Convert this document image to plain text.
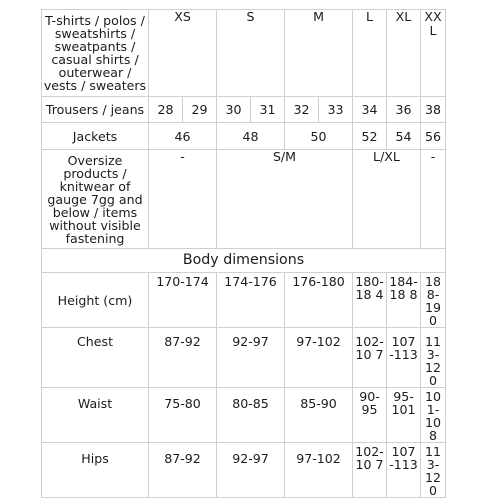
T-shirts / polos / sweatshirts / sweatpants / casual shirts / outerwear / vests / sweaters	XS		S		M		L	XL	XX L
Trousers / jeans	28	29	30	31	32	33	34	36	38
Jackets	46		48		50		52	54	56
Oversize products / knitwear of gauge 7gg and below / items without visible fastening	-		S/M				L/XL		-
Body dimensions									
Height (cm)	170-174		174-176		176-180		180-18 4	184-18 8	188-19 0
Chest	87-92		92-97		97-102		102-10 7	107 -113	113-120
Waist	75-80		80-85		85-90		90-95	95-101	101-10 8
Hips	87-92		92-97		97-102		102-10 7	107 -113	113-120
